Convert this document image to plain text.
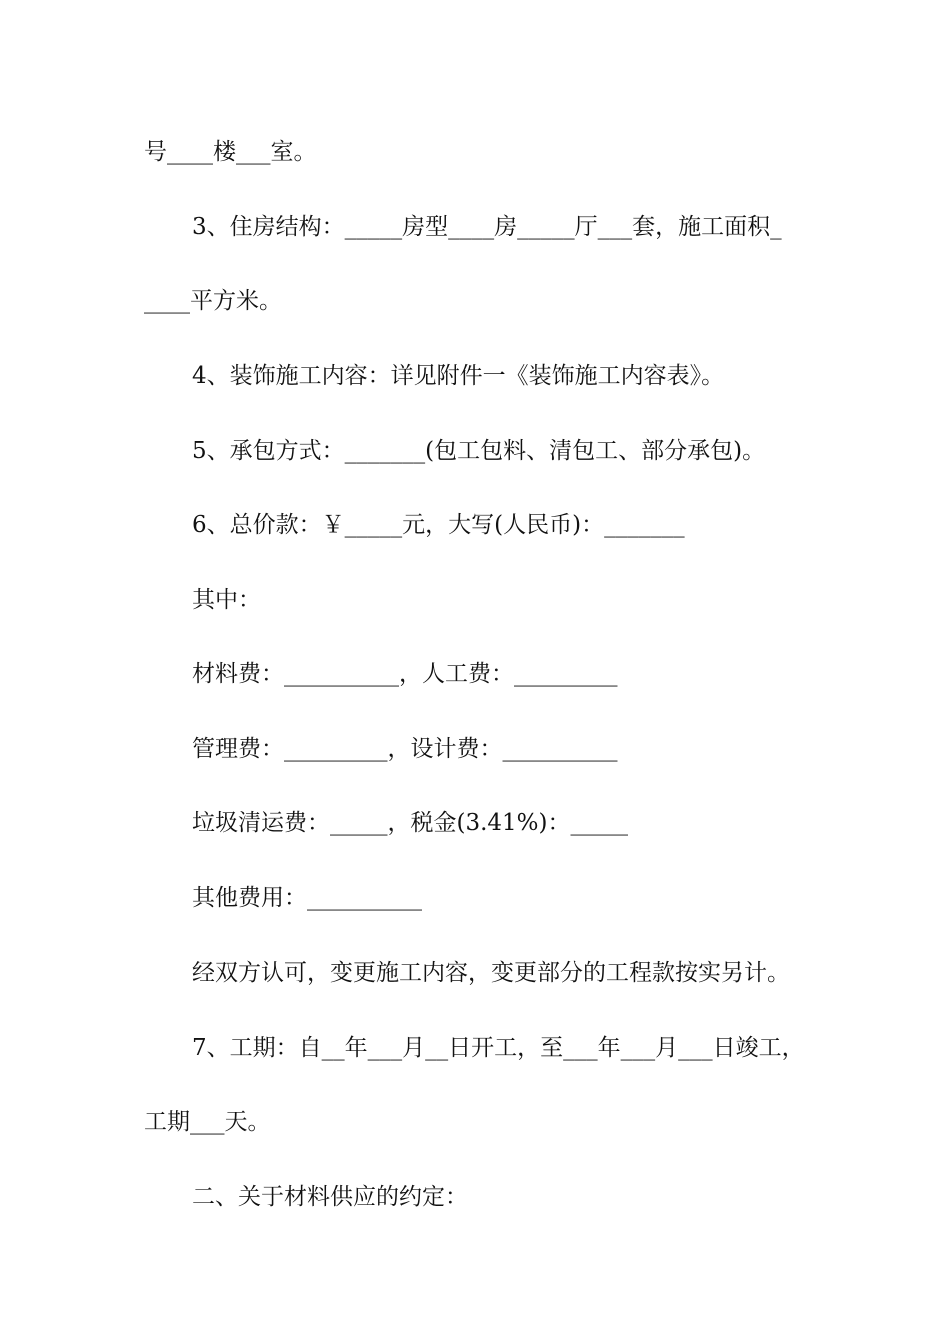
号____楼___室。
3、住房结构：_____房型____房_____厅___套，施工面积_
____平方米。
4、装饰施工内容：详见附件一《装饰施工内容表》。
5、承包方式：_______(包工包料、清包工、部分承包)。
6、总价款：￥_____元，大写(人民币)：_______
其中：
材料费：__________，人工费：_________
管理费：_________，设计费：__________
垃圾清运费：_____，税金(3.41%)：_____
其他费用：__________
经双方认可，变更施工内容，变更部分的工程款按实另计。
7、工期：自__年___月__日开工，至___年___月___日竣工，
工期___天。
二、关于材料供应的约定：
